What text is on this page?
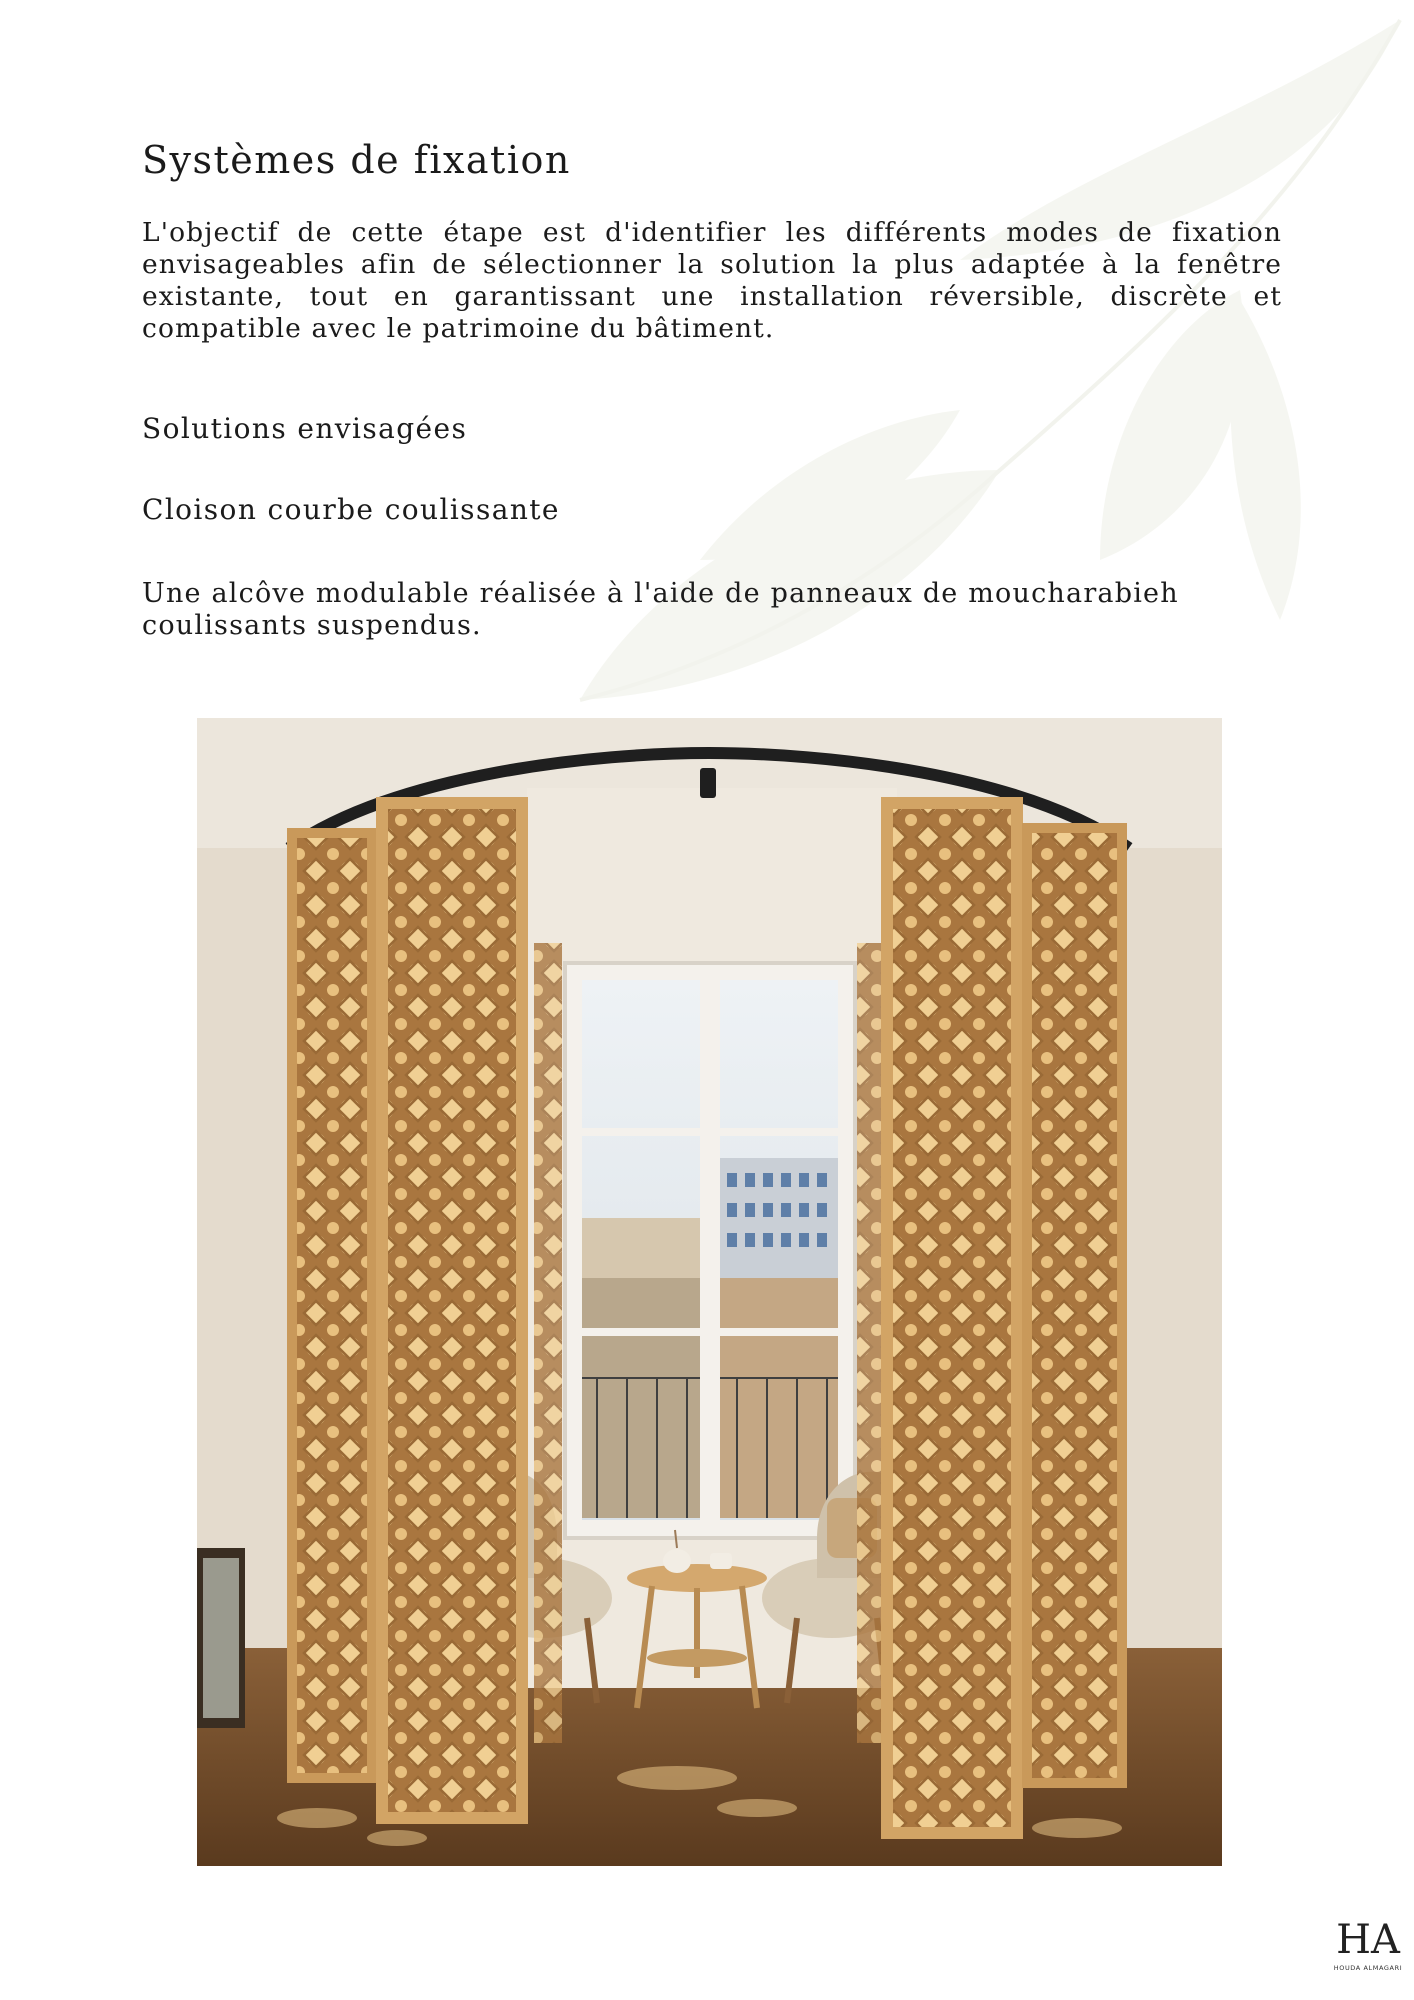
Systèmes de fixation

L'objectif de cette étape est d'identifier les différents modes de fixation envisageables afin de sélectionner la solution la plus adaptée à la fenêtre existante, tout en garantissant une installation réversible, discrète et compatible avec le patrimoine du bâtiment.

Solutions envisagées
Cloison courbe coulissante

Une alcôve modulable réalisée à l'aide de panneaux de moucharabieh coulissants suspendus.

HA
HOUDA ALMAGARI
